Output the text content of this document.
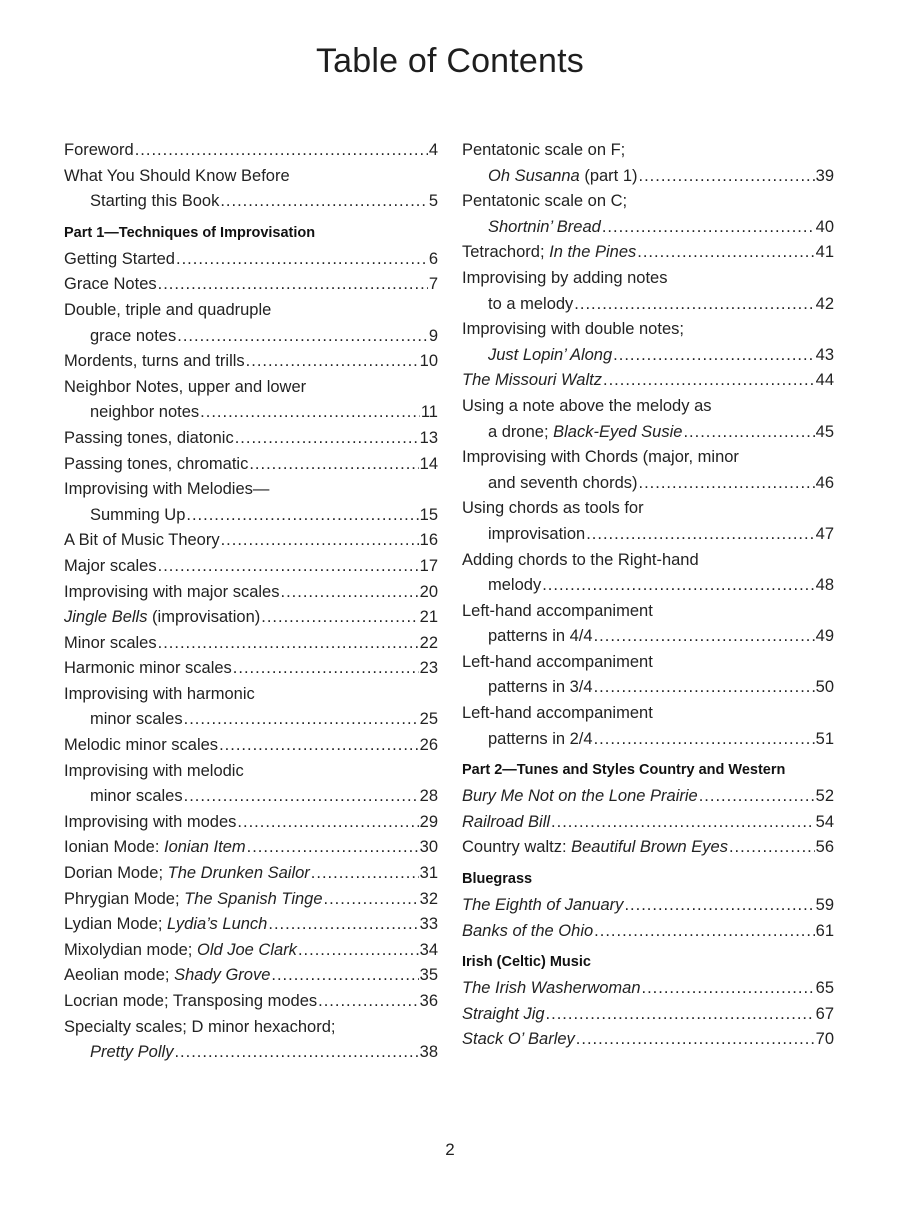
Table of Contents
Foreword .....	4
What You Should Know Before
Starting this Book .....	5
Part 1—Techniques of Improvisation
Getting Started .....	6
Grace Notes .....	7
Double, triple and quadruple
grace notes .....	9
Mordents, turns and trills .....	10
Neighbor Notes, upper and lower
neighbor notes .....	11
Passing tones, diatonic .....	13
Passing tones, chromatic .....	14
Improvising with Melodies—
Summing Up .....	15
A Bit of Music Theory .....	16
Major scales .....	17
Improvising with major scales .....	20
Jingle Bells (improvisation) .....	21
Minor scales .....	22
Harmonic minor scales .....	23
Improvising with harmonic
minor scales .....	25
Melodic minor scales .....	26
Improvising with melodic
minor scales .....	28
Improvising with modes .....	29
Ionian Mode: Ionian Item .....	30
Dorian Mode; The Drunken Sailor .....	31
Phrygian Mode; The Spanish Tinge .....	32
Lydian Mode; Lydia’s Lunch .....	33
Mixolydian mode; Old Joe Clark .....	34
Aeolian mode; Shady Grove .....	35
Locrian mode; Transposing modes .....	36
Specialty scales; D minor hexachord;
Pretty Polly .....	38
Pentatonic scale on F;
Oh Susanna (part 1) .....	39
Pentatonic scale on C;
Shortnin’ Bread .....	40
Tetrachord; In the Pines .....	41
Improvising by adding notes
to a melody .....	42
Improvising with double notes;
Just Lopin’ Along .....	43
The Missouri Waltz .....	44
Using a note above the melody as
a drone; Black-Eyed Susie .....	45
Improvising with Chords (major, minor
and seventh chords) .....	46
Using chords as tools for
improvisation .....	47
Adding chords to the Right-hand
melody .....	48
Left-hand accompaniment
patterns in 4/4 .....	49
Left-hand accompaniment
patterns in 3/4 .....	50
Left-hand accompaniment
patterns in 2/4 .....	51
Part 2—Tunes and Styles Country and Western
Bury Me Not on the Lone Prairie .....	52
Railroad Bill .....	54
Country waltz: Beautiful Brown Eyes .....	56
Bluegrass
The Eighth of January .....	59
Banks of the Ohio .....	61
Irish (Celtic) Music
The Irish Washerwoman .....	65
Straight Jig .....	67
Stack O’ Barley .....	70
2
